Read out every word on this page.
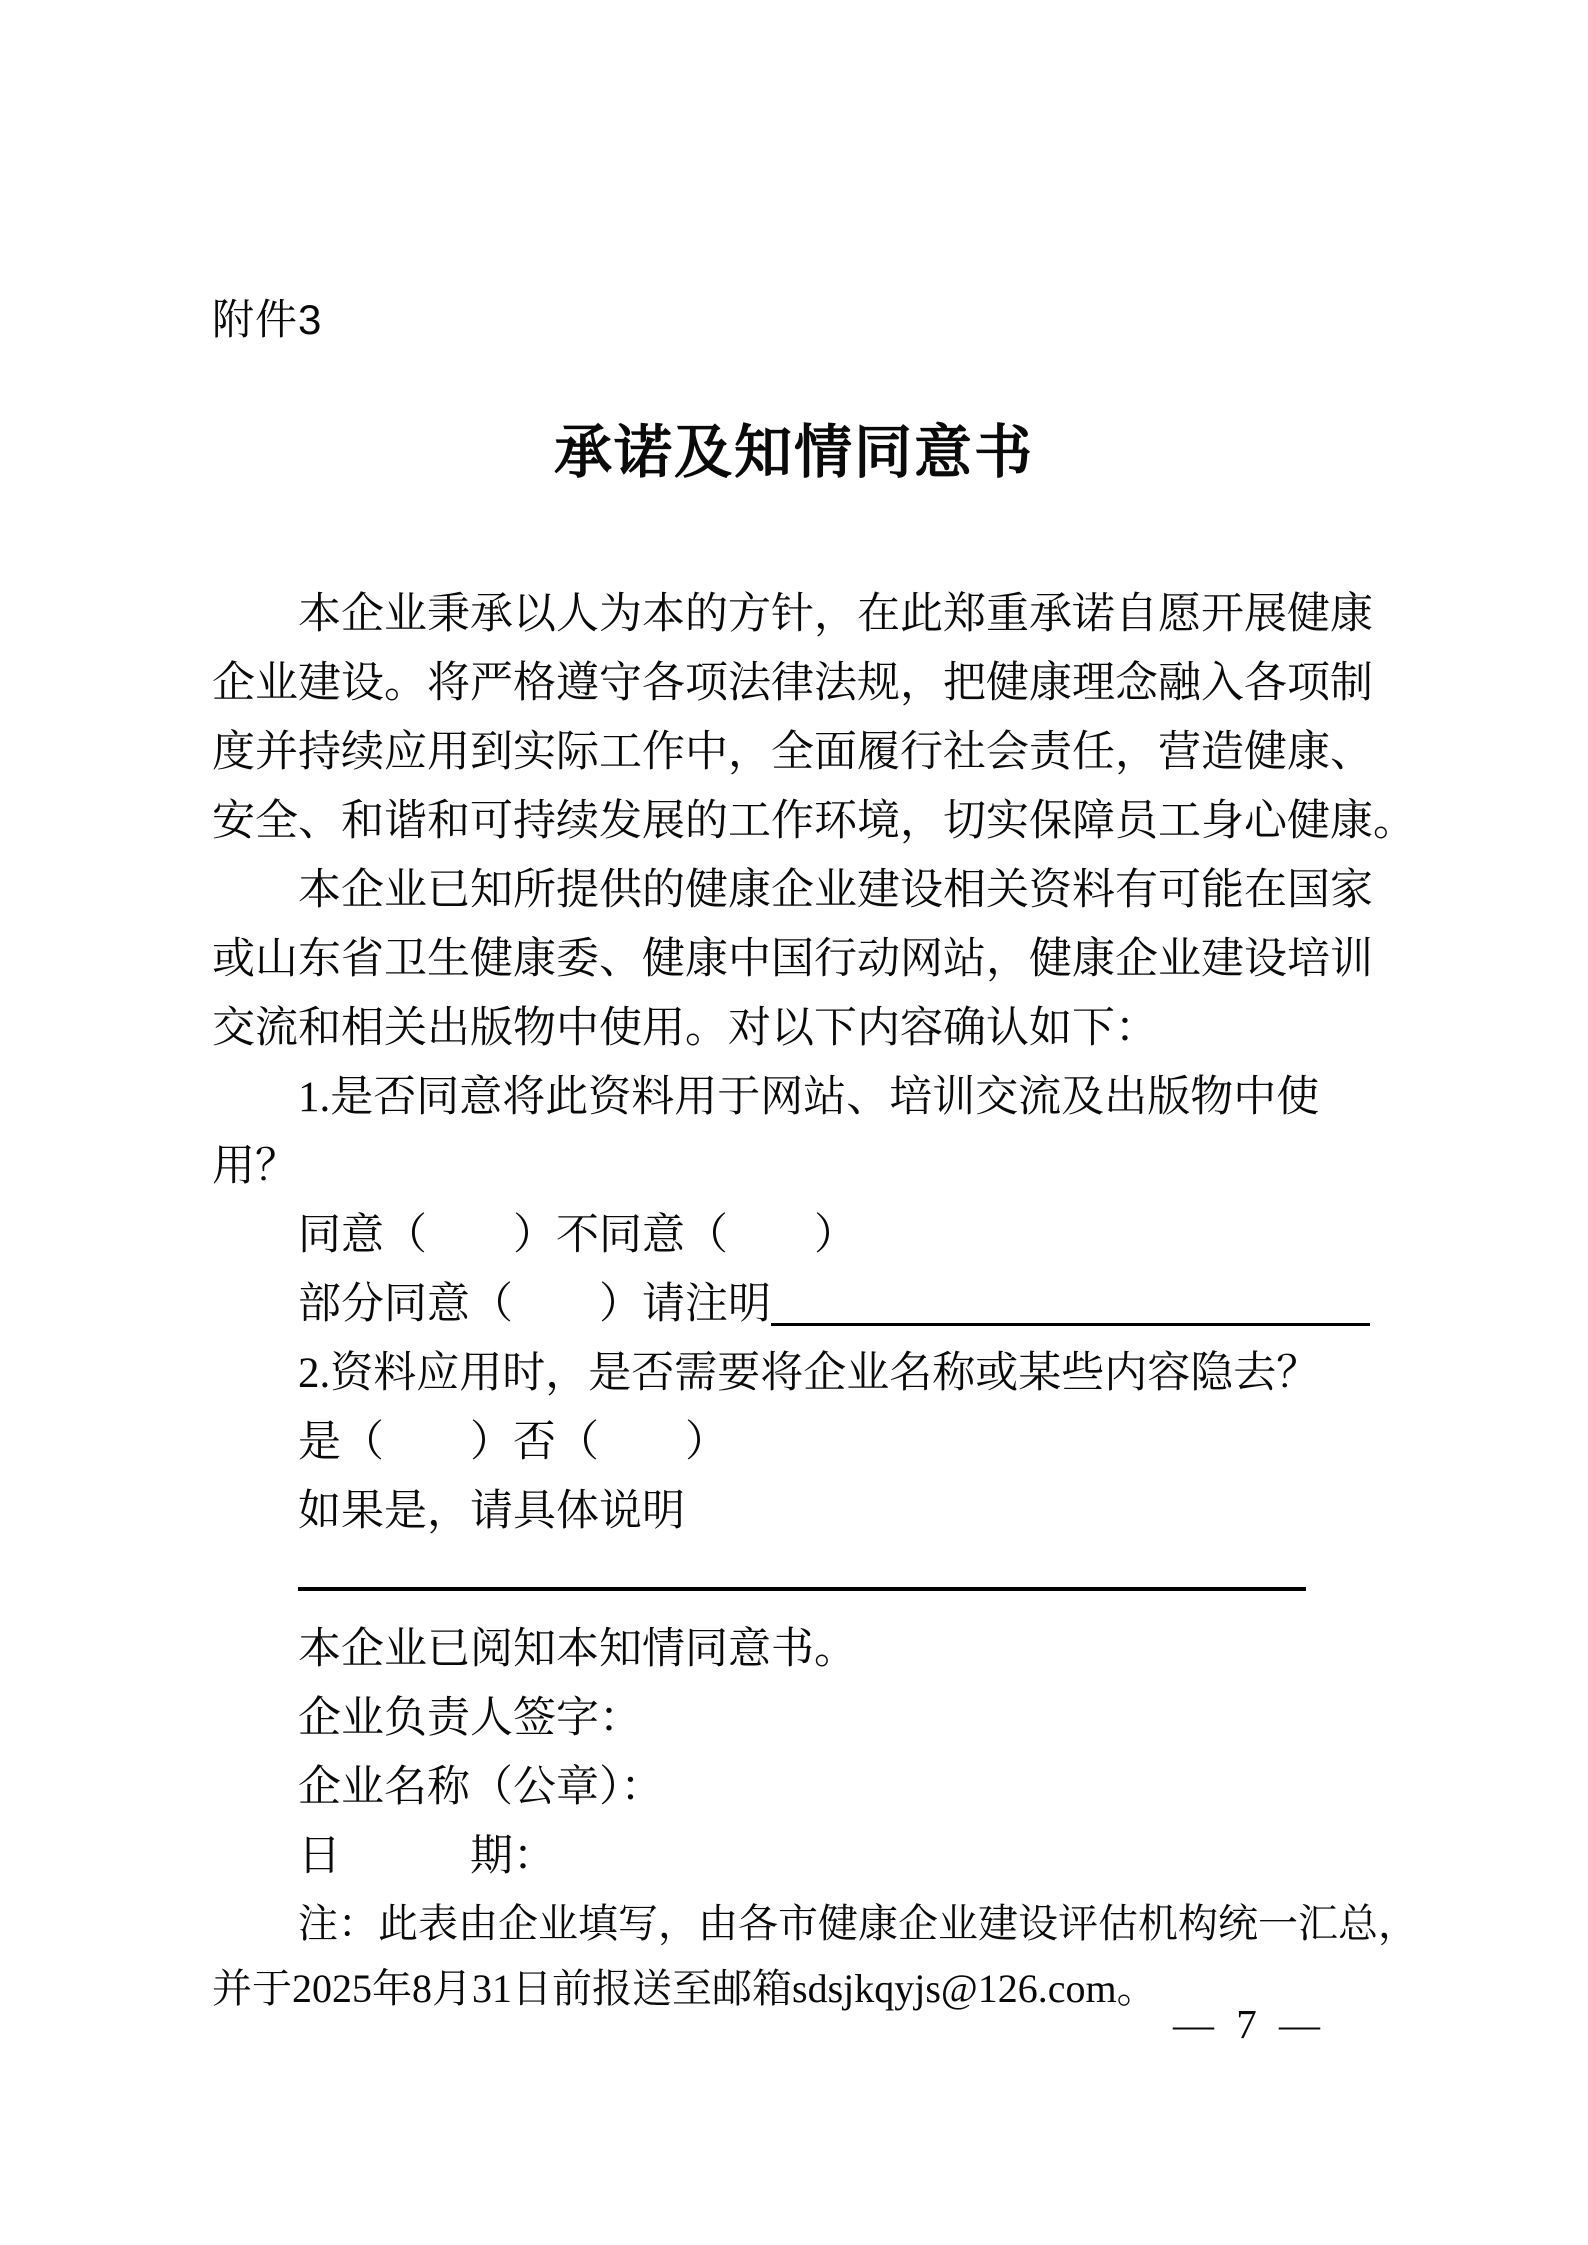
附件3
承诺及知情同意书

本企业秉承以人为本的方针，在此郑重承诺自愿开展健康

企业建设。将严格遵守各项法律法规，把健康理念融入各项制

度并持续应用到实际工作中，全面履行社会责任，营造健康、

安全、和谐和可持续发展的工作环境，切实保障员工身心健康。

本企业已知所提供的健康企业建设相关资料有可能在国家

或山东省卫生健康委、健康中国行动网站，健康企业建设培训

交流和相关出版物中使用。对以下内容确认如下：

1.是否同意将此资料用于网站、培训交流及出版物中使

用？

同意（　　）不同意（　　）

部分同意（　　）请注明

2.资料应用时，是否需要将企业名称或某些内容隐去？

是（　　）否（　　）

如果是，请具体说明

本企业已阅知本知情同意书。

企业负责人签字：

企业名称（公章）：

日　　　期：

注：此表由企业填写，由各市健康企业建设评估机构统一汇总，

并于2025年8月31日前报送至邮箱sdsjkqyjs@126.com。

— 7 —
